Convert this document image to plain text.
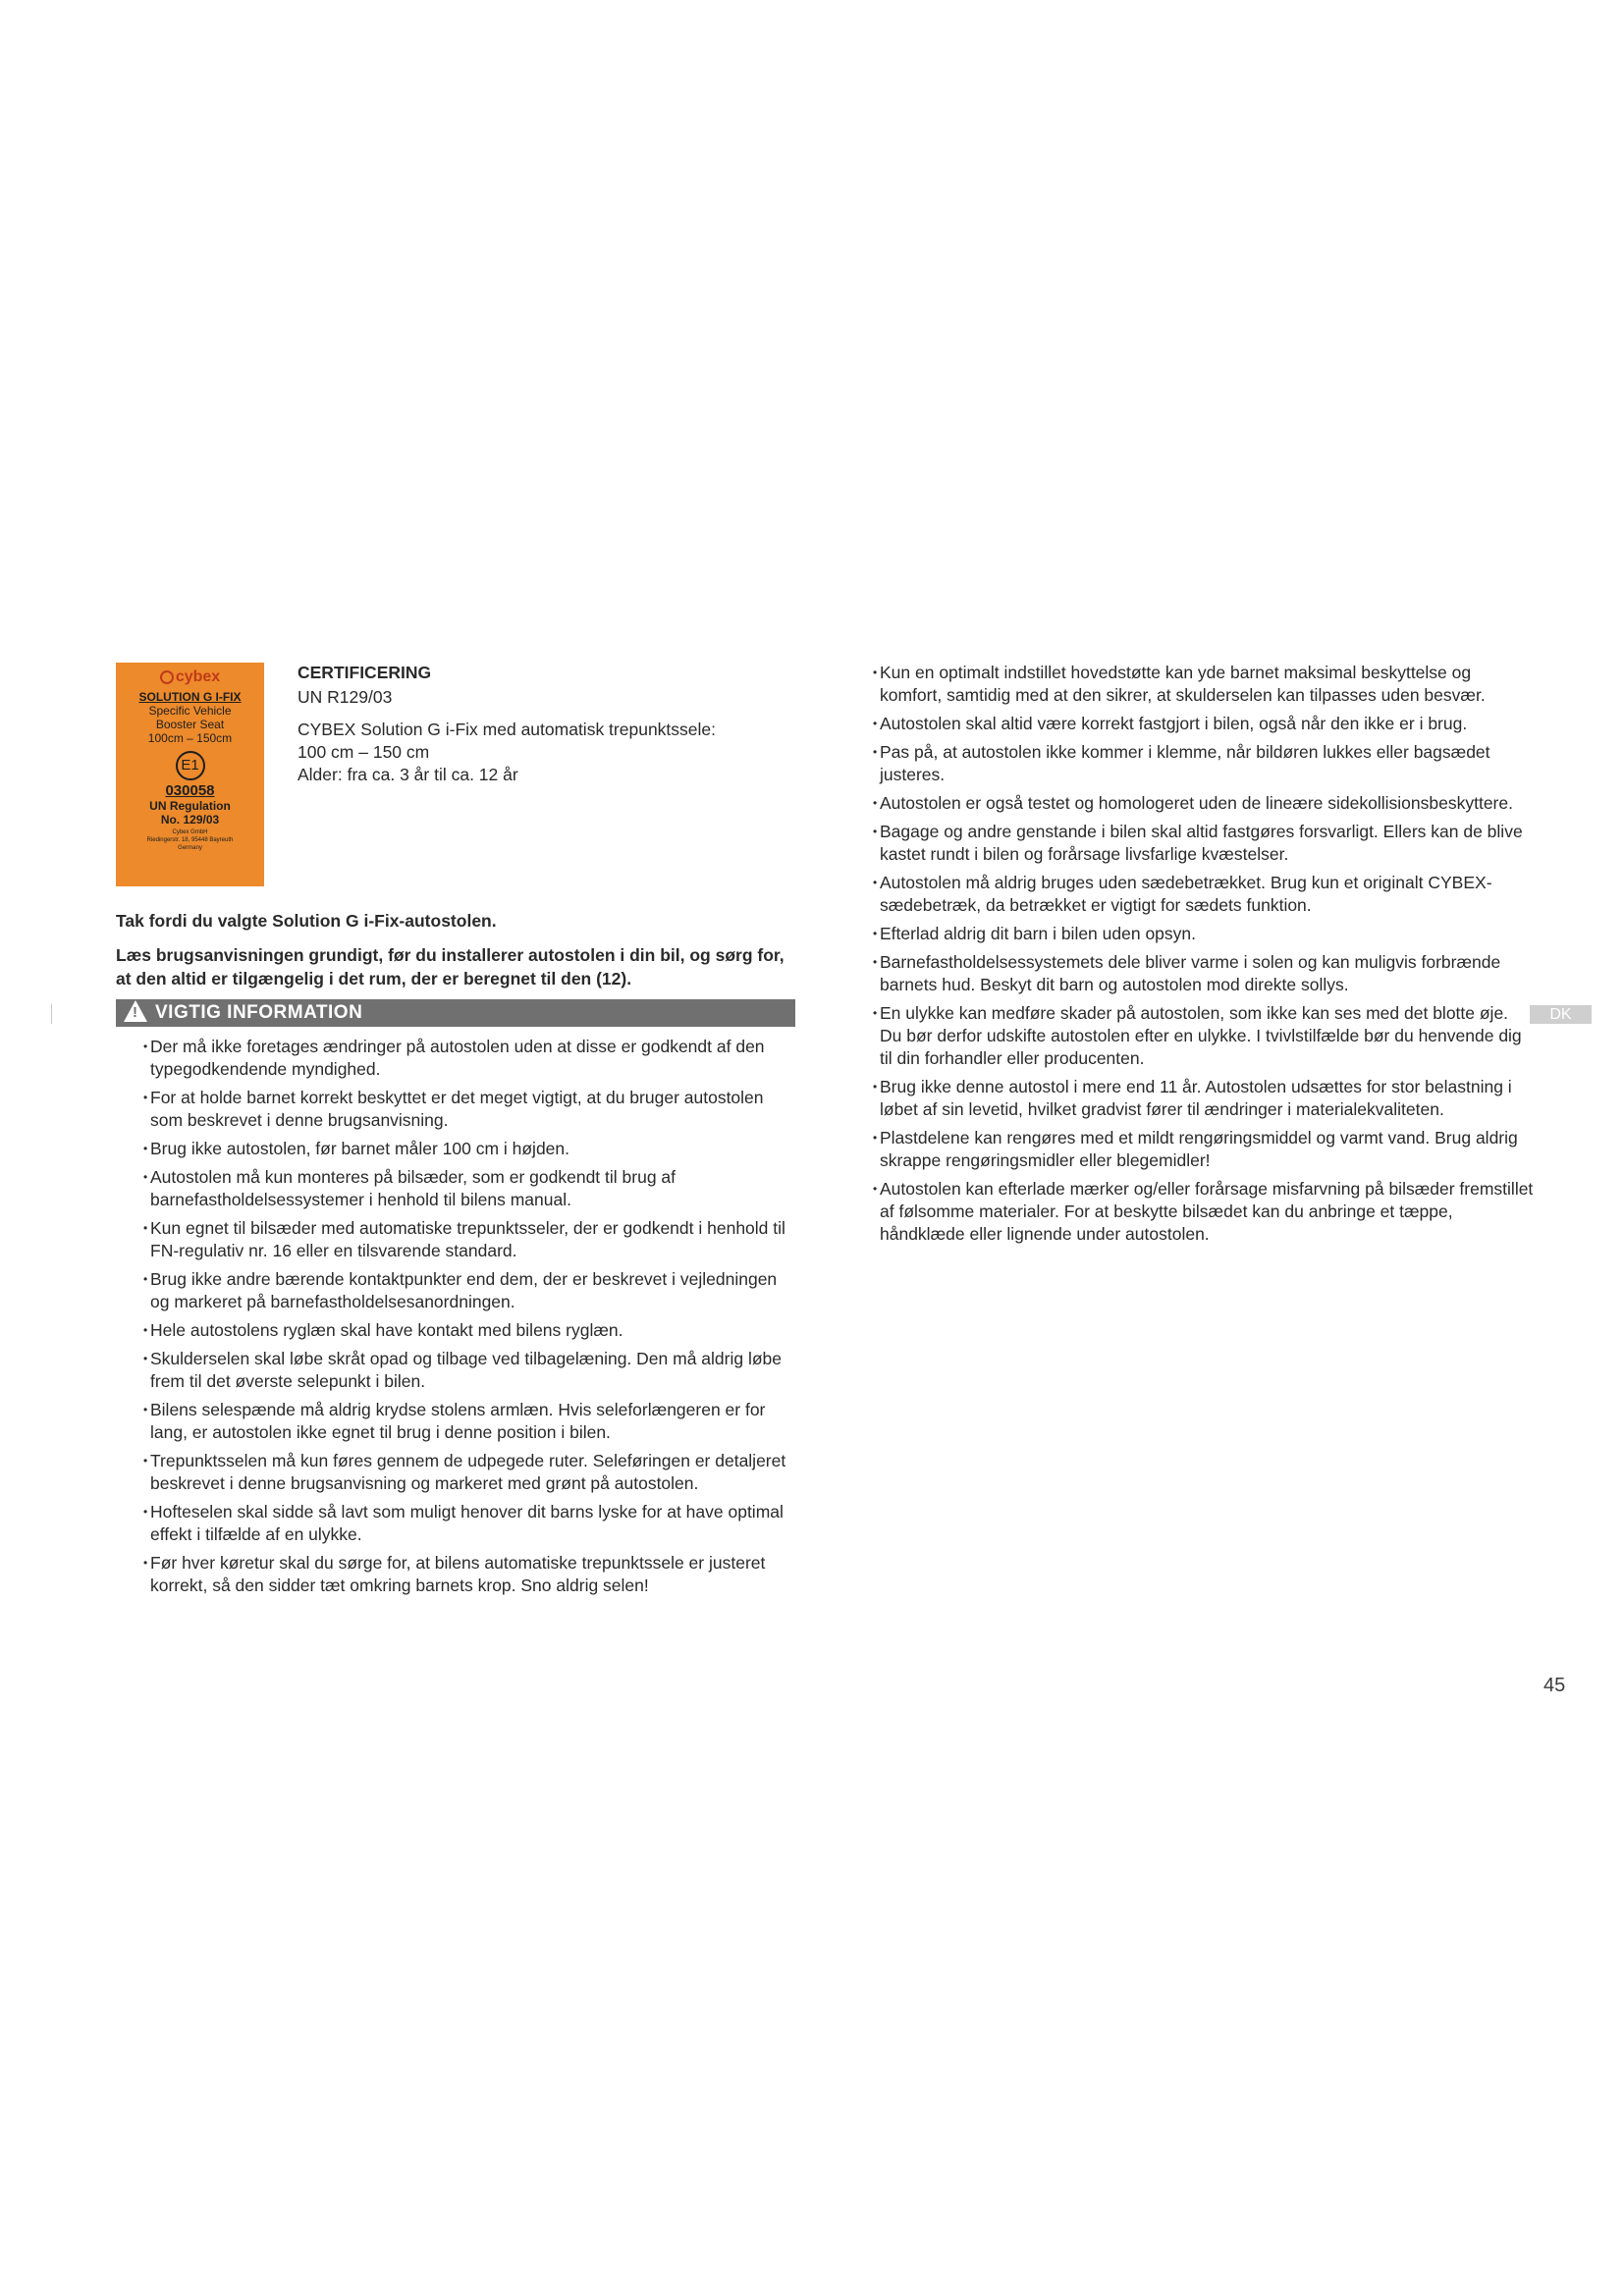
cybex
SOLUTION G I-FIX
Specific Vehicle
Booster Seat
100cm – 150cm
E1
030058
UN Regulation
No. 129/03
Cybex GmbH
Riedingerstr. 18, 95448 Bayreuth
Germany
CERTIFICERING
UN R129/03
CYBEX Solution G i-Fix med automatisk trepunktssele:
100 cm – 150 cm
Alder: fra ca. 3 år til ca. 12 år
Tak fordi du valgte Solution G i-Fix-autostolen.
Læs brugsanvisningen grundigt, før du installerer autostolen i din bil, og sørg for, at den altid er tilgængelig i det rum, der er beregnet til den (12).
! VIGTIG INFORMATION
• Der må ikke foretages ændringer på autostolen uden at disse er godkendt af den typegodkendende myndighed.
• For at holde barnet korrekt beskyttet er det meget vigtigt, at du bruger autostolen som beskrevet i denne brugsanvisning.
• Brug ikke autostolen, før barnet måler 100 cm i højden.
• Autostolen må kun monteres på bilsæder, som er godkendt til brug af barnefastholdelsessystemer i henhold til bilens manual.
• Kun egnet til bilsæder med automatiske trepunktsseler, der er godkendt i henhold til FN-regulativ nr. 16 eller en tilsvarende standard.
• Brug ikke andre bærende kontaktpunkter end dem, der er beskrevet i vejledningen og markeret på barnefastholdelsesanordningen.
• Hele autostolens ryglæn skal have kontakt med bilens ryglæn.
• Skulderselen skal løbe skråt opad og tilbage ved tilbagelæning. Den må aldrig løbe frem til det øverste selepunkt i bilen.
• Bilens selespænde må aldrig krydse stolens armlæn. Hvis seleforlængeren er for lang, er autostolen ikke egnet til brug i denne position i bilen.
• Trepunktsselen må kun føres gennem de udpegede ruter. Seleføringen er detaljeret beskrevet i denne brugsanvisning og markeret med grønt på autostolen.
• Hofteselen skal sidde så lavt som muligt henover dit barns lyske for at have optimal effekt i tilfælde af en ulykke.
• Før hver køretur skal du sørge for, at bilens automatiske trepunktssele er justeret korrekt, så den sidder tæt omkring barnets krop. Sno aldrig selen!
• Kun en optimalt indstillet hovedstøtte kan yde barnet maksimal beskyttelse og komfort, samtidig med at den sikrer, at skulderselen kan tilpasses uden besvær.
• Autostolen skal altid være korrekt fastgjort i bilen, også når den ikke er i brug.
• Pas på, at autostolen ikke kommer i klemme, når bildøren lukkes eller bagsædet justeres.
• Autostolen er også testet og homologeret uden de lineære sidekollisionsbeskyttere.
• Bagage og andre genstande i bilen skal altid fastgøres forsvarligt. Ellers kan de blive kastet rundt i bilen og forårsage livsfarlige kvæstelser.
• Autostolen må aldrig bruges uden sædebetrækket. Brug kun et originalt CYBEX-sædebetræk, da betrækket er vigtigt for sædets funktion.
• Efterlad aldrig dit barn i bilen uden opsyn.
• Barnefastholdelsessystemets dele bliver varme i solen og kan muligvis forbrænde barnets hud. Beskyt dit barn og autostolen mod direkte sollys.
• En ulykke kan medføre skader på autostolen, som ikke kan ses med det blotte øje. Du bør derfor udskifte autostolen efter en ulykke. I tvivlstilfælde bør du henvende dig til din forhandler eller producenten.
• Brug ikke denne autostol i mere end 11 år. Autostolen udsættes for stor belastning i løbet af sin levetid, hvilket gradvist fører til ændringer i materialekvaliteten.
• Plastdelene kan rengøres med et mildt rengøringsmiddel og varmt vand. Brug aldrig skrappe rengøringsmidler eller blegemidler!
• Autostolen kan efterlade mærker og/eller forårsage misfarvning på bilsæder fremstillet af følsomme materialer. For at beskytte bilsædet kan du anbringe et tæppe, håndklæde eller lignende under autostolen.
DK
45
